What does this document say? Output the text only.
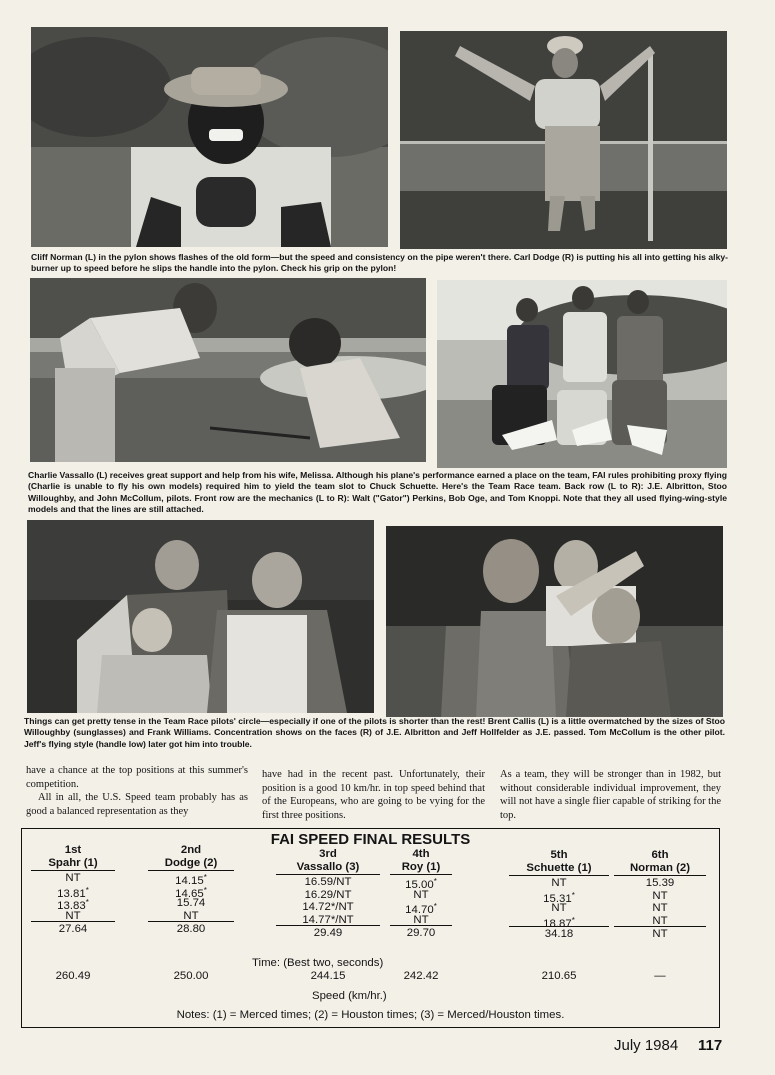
Cliff Norman (L) in the pylon shows flashes of the old form—but the speed and consistency on the pipe weren't there. Carl Dodge (R) is putting his all into getting his alky-burner up to speed before he slips the handle into the pylon. Check his grip on the pylon!
Charlie Vassallo (L) receives great support and help from his wife, Melissa. Although his plane's performance earned a place on the team, FAI rules prohibiting proxy flying (Charlie is unable to fly his own models) required him to yield the team slot to Chuck Schuette. Here's the Team Race team. Back row (L to R): J.E. Albritton, Stoo Willoughby, and John McCollum, pilots. Front row are the mechanics (L to R): Walt ("Gator") Perkins, Bob Oge, and Tom Knoppi. Note that they all used flying-wing-style models and that the lines are still attached.
Things can get pretty tense in the Team Race pilots' circle—especially if one of the pilots is shorter than the rest! Brent Callis (L) is a little overmatched by the sizes of Stoo Willoughby (sunglasses) and Frank Williams. Concentration shows on the faces (R) of J.E. Albritton and Jeff Hollfelder as J.E. passed. Tom McCollum is the other pilot. Jeff's flying style (handle low) later got him into trouble.

have a chance at the top positions at this summer's competition.

All in all, the U.S. Speed team probably has as good a balanced representation as they

have had in the recent past. Unfortunately, their position is a good 10 km/hr. in top speed behind that of the Europeans, who are going to be vying for the first three positions.

As a team, they will be stronger than in 1982, but without considerable individual improvement, they will not have a single flier capable of striking for the top.

FAI SPEED FINAL RESULTS
1st
Spahr (1)
NT
13.81*
13.83*
NT
27.64
260.49
2nd
Dodge (2)
14.15*
14.65*
15.74
NT
28.80
250.00
3rd
Vassallo (3)
16.59/NT
16.29/NT
14.72*/NT
14.77*/NT
29.49
244.15
4th
Roy (1)
15.00*
NT
14.70*
NT
29.70
242.42
5th
Schuette (1)
NT
15.31*
NT
18.87*
34.18
210.65
6th
Norman (2)
15.39
NT
NT
NT
NT
—
Time: (Best two, seconds)
Speed (km/hr.)
Notes: (1) = Merced times; (2) = Houston times; (3) = Merced/Houston times.
July 1984 117
